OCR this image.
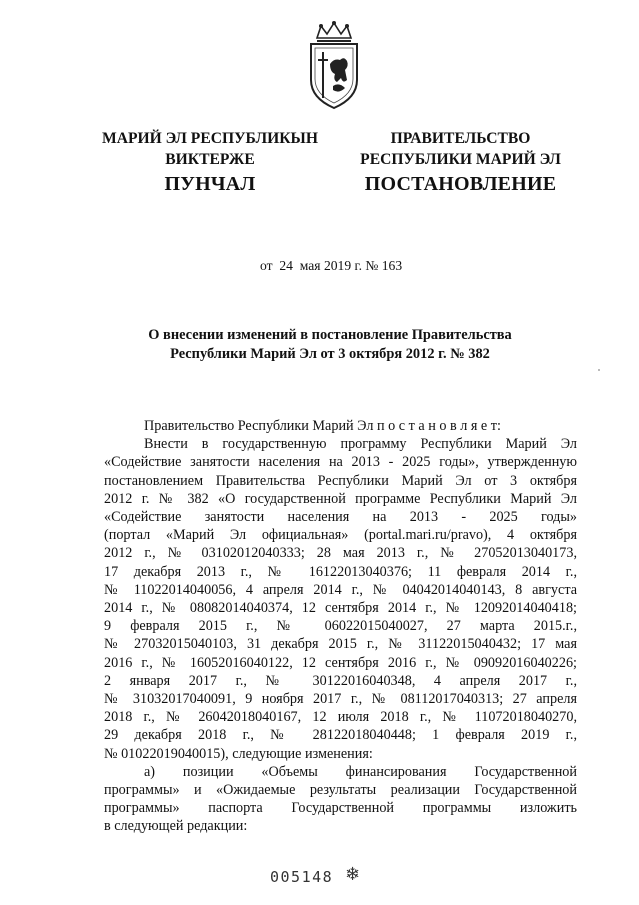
МАРИЙ ЭЛ РЕСПУБЛИКЫН
ВИКТЕРЖЕ
ПУНЧАЛ
ПРАВИТЕЛЬСТВО
РЕСПУБЛИКИ МАРИЙ ЭЛ
ПОСТАНОВЛЕНИЕ
от  24  мая 2019 г. № 163
О внесении изменений в постановление Правительства
Республики Марий Эл от 3 октября 2012 г. № 382
Правительство Республики Марий Эл п о с т а н о в л я е т:
Внести в государственную программу Республики Марий Эл
«Содействие занятости населения на 2013 - 2025 годы», утвержденную
постановлением Правительства Республики Марий Эл от 3 октября
2012 г. № 382 «О государственной программе Республики Марий Эл
«Содействие занятости населения на 2013 - 2025 годы»
(портал «Марий Эл официальная» (portal.mari.ru/pravo), 4 октября
2012 г., № 03102012040333; 28 мая 2013 г., № 27052013040173,
17 декабря 2013 г., № 16122013040376; 11 февраля 2014 г.,
№ 11022014040056, 4 апреля 2014 г., № 04042014040143, 8 августа
2014 г., № 08082014040374, 12 сентября 2014 г., № 12092014040418;
9 февраля 2015 г., № 06022015040027, 27 марта 2015.г.,
№ 27032015040103, 31 декабря 2015 г., № 31122015040432; 17 мая
2016 г., № 16052016040122, 12 сентября 2016 г., № 09092016040226;
2 января 2017 г., № 30122016040348, 4 апреля 2017 г.,
№ 31032017040091, 9 ноября 2017 г., № 08112017040313; 27 апреля
2018 г., № 26042018040167, 12 июля 2018 г., № 11072018040270,
29 декабря 2018 г., № 28122018040448; 1 февраля 2019 г.,
№ 01022019040015), следующие изменения:
а) позиции «Объемы финансирования Государственной
программы» и «Ожидаемые результаты реализации Государственной
программы» паспорта Государственной программы изложить
в следующей редакции:
005148 ❄
